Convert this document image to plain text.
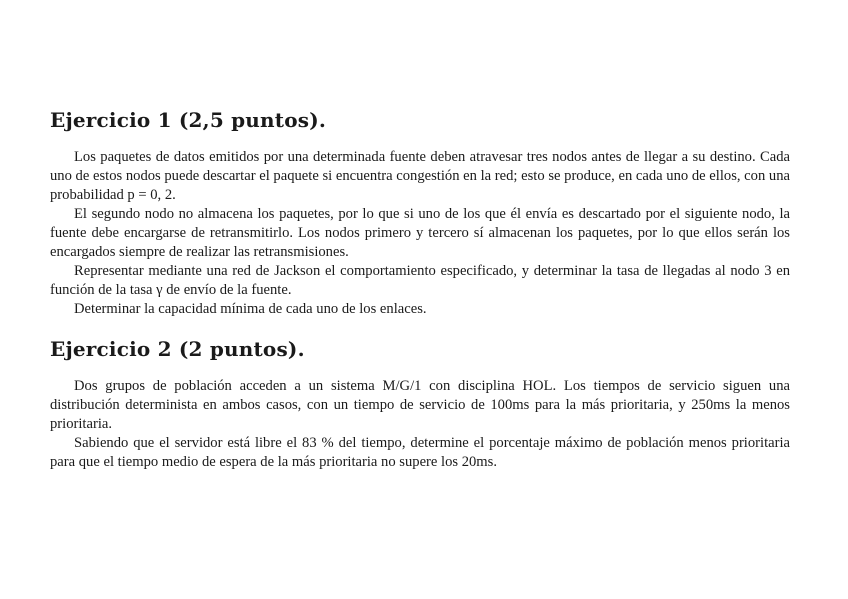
Ejercicio 1 (2,5 puntos).

Los paquetes de datos emitidos por una determinada fuente deben atravesar tres nodos antes de llegar a su destino. Cada uno de estos nodos puede descartar el paquete si encuentra congestión en la red; esto se produce, en cada uno de ellos, con una probabilidad p = 0, 2.

El segundo nodo no almacena los paquetes, por lo que si uno de los que él envía es descartado por el siguiente nodo, la fuente debe encargarse de retransmitirlo. Los nodos primero y tercero sí almacenan los paquetes, por lo que ellos serán los encargados siempre de realizar las retransmisiones.

Representar mediante una red de Jackson el comportamiento especificado, y determinar la tasa de llegadas al nodo 3 en función de la tasa γ de envío de la fuente.

Determinar la capacidad mínima de cada uno de los enlaces.

Ejercicio 2 (2 puntos).

Dos grupos de población acceden a un sistema M/G/1 con disciplina HOL. Los tiempos de servicio siguen una distribución determinista en ambos casos, con un tiempo de servicio de 100ms para la más prioritaria, y 250ms la menos prioritaria.

Sabiendo que el servidor está libre el 83 % del tiempo, determine el porcentaje máximo de población menos prioritaria para que el tiempo medio de espera de la más prioritaria no supere los 20ms.
